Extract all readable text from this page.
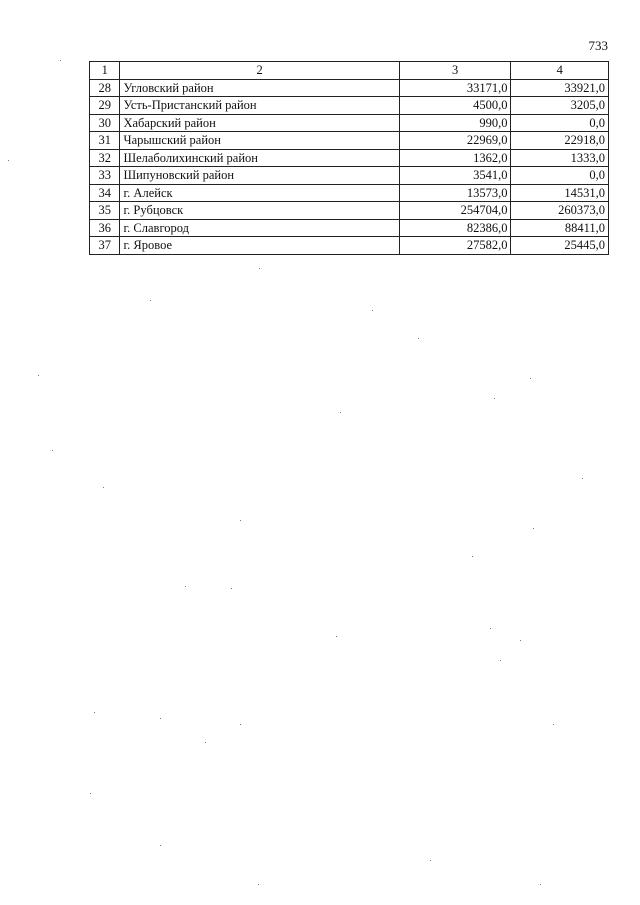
733
1	2	3	4
28	Угловский район	33171,0	33921,0
29	Усть-Пристанский район	4500,0	3205,0
30	Хабарский район	990,0	0,0
31	Чарышский район	22969,0	22918,0
32	Шелаболихинский район	1362,0	1333,0
33	Шипуновский район	3541,0	0,0
34	г. Алейск	13573,0	14531,0
35	г. Рубцовск	254704,0	260373,0
36	г. Славгород	82386,0	88411,0
37	г. Яровое	27582,0	25445,0
